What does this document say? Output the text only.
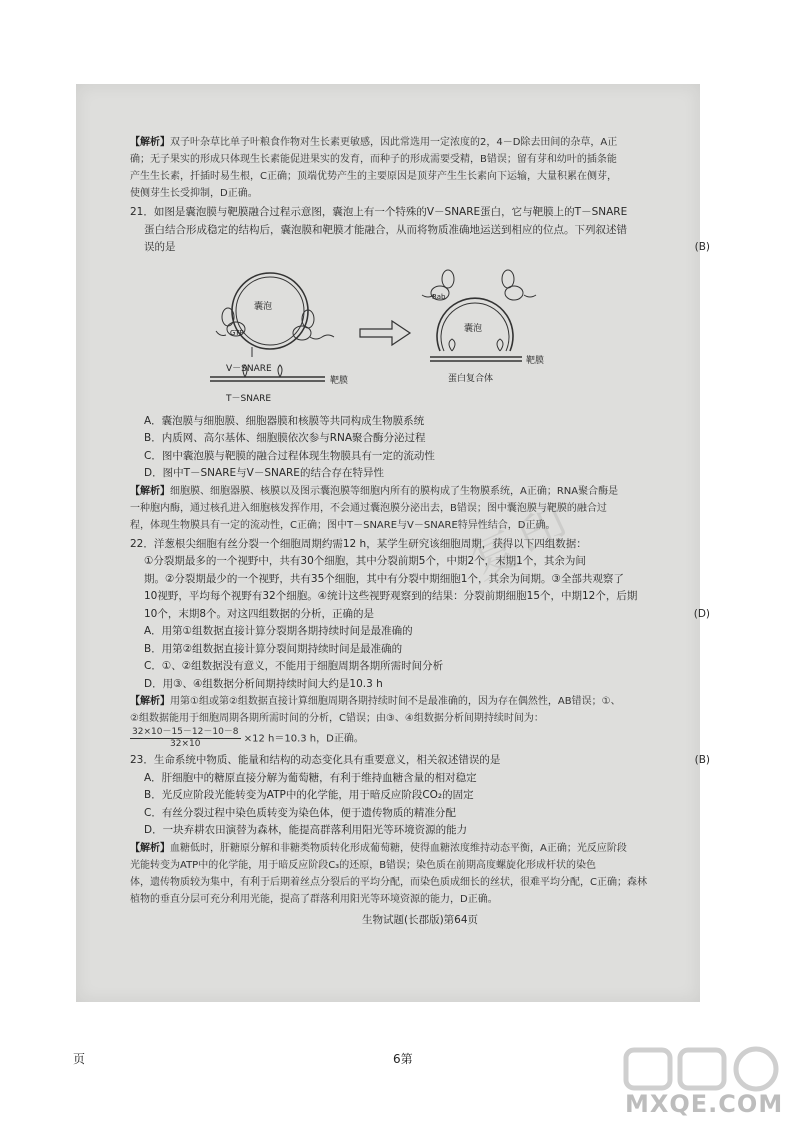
复印

【解析】双子叶杂草比单子叶粮食作物对生长素更敏感，因此常选用一定浓度的2，4－D除去田间的杂草，A正

确；无子果实的形成只体现生长素能促进果实的发育，而种子的形成需要受精，B错误；留有芽和幼叶的插条能

产生生长素，扦插时易生根，C正确；顶端优势产生的主要原因是顶芽产生生长素向下运输，大量积累在侧芽，

使侧芽生长受抑制，D正确。

21．如图是囊泡膜与靶膜融合过程示意图，囊泡上有一个特殊的V－SNARE蛋白，它与靶膜上的T－SNARE

蛋白结合形成稳定的结构后，囊泡膜和靶膜才能融合，从而将物质准确地运送到相应的位点。下列叙述错

误的是	(B)
囊泡
V－SNARE
靶膜
T－SNARE
囊泡
靶膜
蛋白复合体
GTP
Rab

A．囊泡膜与细胞膜、细胞器膜和核膜等共同构成生物膜系统

B．内质网、高尔基体、细胞膜依次参与RNA聚合酶分泌过程

C．图中囊泡膜与靶膜的融合过程体现生物膜具有一定的流动性

D．图中T－SNARE与V－SNARE的结合存在特异性

【解析】细胞膜、细胞器膜、核膜以及图示囊泡膜等细胞内所有的膜构成了生物膜系统，A正确；RNA聚合酶是

一种胞内酶，通过核孔进入细胞核发挥作用，不会通过囊泡膜分泌出去，B错误；图中囊泡膜与靶膜的融合过

程，体现生物膜具有一定的流动性，C正确；图中T－SNARE与V－SNARE特异性结合，D正确。

22．洋葱根尖细胞有丝分裂一个细胞周期约需12 h，某学生研究该细胞周期，获得以下四组数据：

①分裂期最多的一个视野中，共有30个细胞，其中分裂前期5个，中期2个，末期1个，其余为间

期。②分裂期最少的一个视野，共有35个细胞，其中有分裂中期细胞1个，其余为间期。③全部共观察了

10视野，平均每个视野有32个细胞。④统计这些视野观察到的结果：分裂前期细胞15个，中期12个，后期

10个，末期8个。对这四组数据的分析，正确的是	(D)

A．用第①组数据直接计算分裂期各期持续时间是最准确的

B．用第②组数据直接计算分裂间期持续时间是最准确的

C．①、②组数据没有意义，不能用于细胞周期各期所需时间分析

D．用③、④组数据分析间期持续时间大约是10.3 h

【解析】用第①组或第②组数据直接计算细胞周期各期持续时间不是最准确的，因为存在偶然性，AB错误；①、

②组数据能用于细胞周期各期所需时间的分析，C错误；由③、④组数据分析间期持续时间为：

$\frac{32\times 10-15-12-10-8}{32\times 10} \times 12$ h＝10.3 h，D正确。

23．生命系统中物质、能量和结构的动态变化具有重要意义，相关叙述错误的是	(B)

A．肝细胞中的糖原直接分解为葡萄糖，有利于维持血糖含量的相对稳定

B．光反应阶段光能转变为ATP中的化学能，用于暗反应阶段CO₂的固定

C．有丝分裂过程中染色质转变为染色体，便于遗传物质的精准分配

D．一块弃耕农田演替为森林，能提高群落利用阳光等环境资源的能力

【解析】血糖低时，肝糖原分解和非糖类物质转化形成葡萄糖，使得血糖浓度维持动态平衡，A正确；光反应阶段

光能转变为ATP中的化学能，用于暗反应阶段C₃的还原，B错误；染色质在前期高度螺旋化形成杆状的染色

体，遗传物质较为集中，有利于后期着丝点分裂后的平均分配，而染色质成细长的丝状，很难平均分配，C正确；森林

植物的垂直分层可充分利用光能，提高了群落利用阳光等环境资源的能力，D正确。

生物试题(长郡版)第64页
页	6第
MXQE.COM
